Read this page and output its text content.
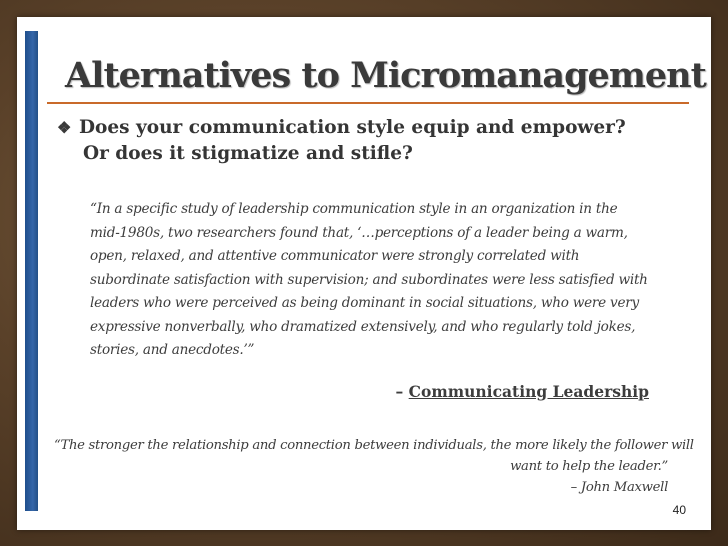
Alternatives to Micromanagement
❖ Does your communication style equip and empower?
Or does it stigmatize and stifle?

“In a specific study of leadership communication style in an organization in the mid-1980s, two researchers found that, ‘…perceptions of a leader being a warm, open, relaxed, and attentive communicator were strongly correlated with subordinate satisfaction with supervision; and subordinates were less satisfied with leaders who were perceived as being dominant in social situations, who were very expressive nonverbally, who dramatized extensively, and who regularly told jokes, stories, and anecdotes.’”

– Communicating Leadership
“The stronger the relationship and connection between individuals, the more likely the follower will
want to help the leader.”
– John Maxwell
40
